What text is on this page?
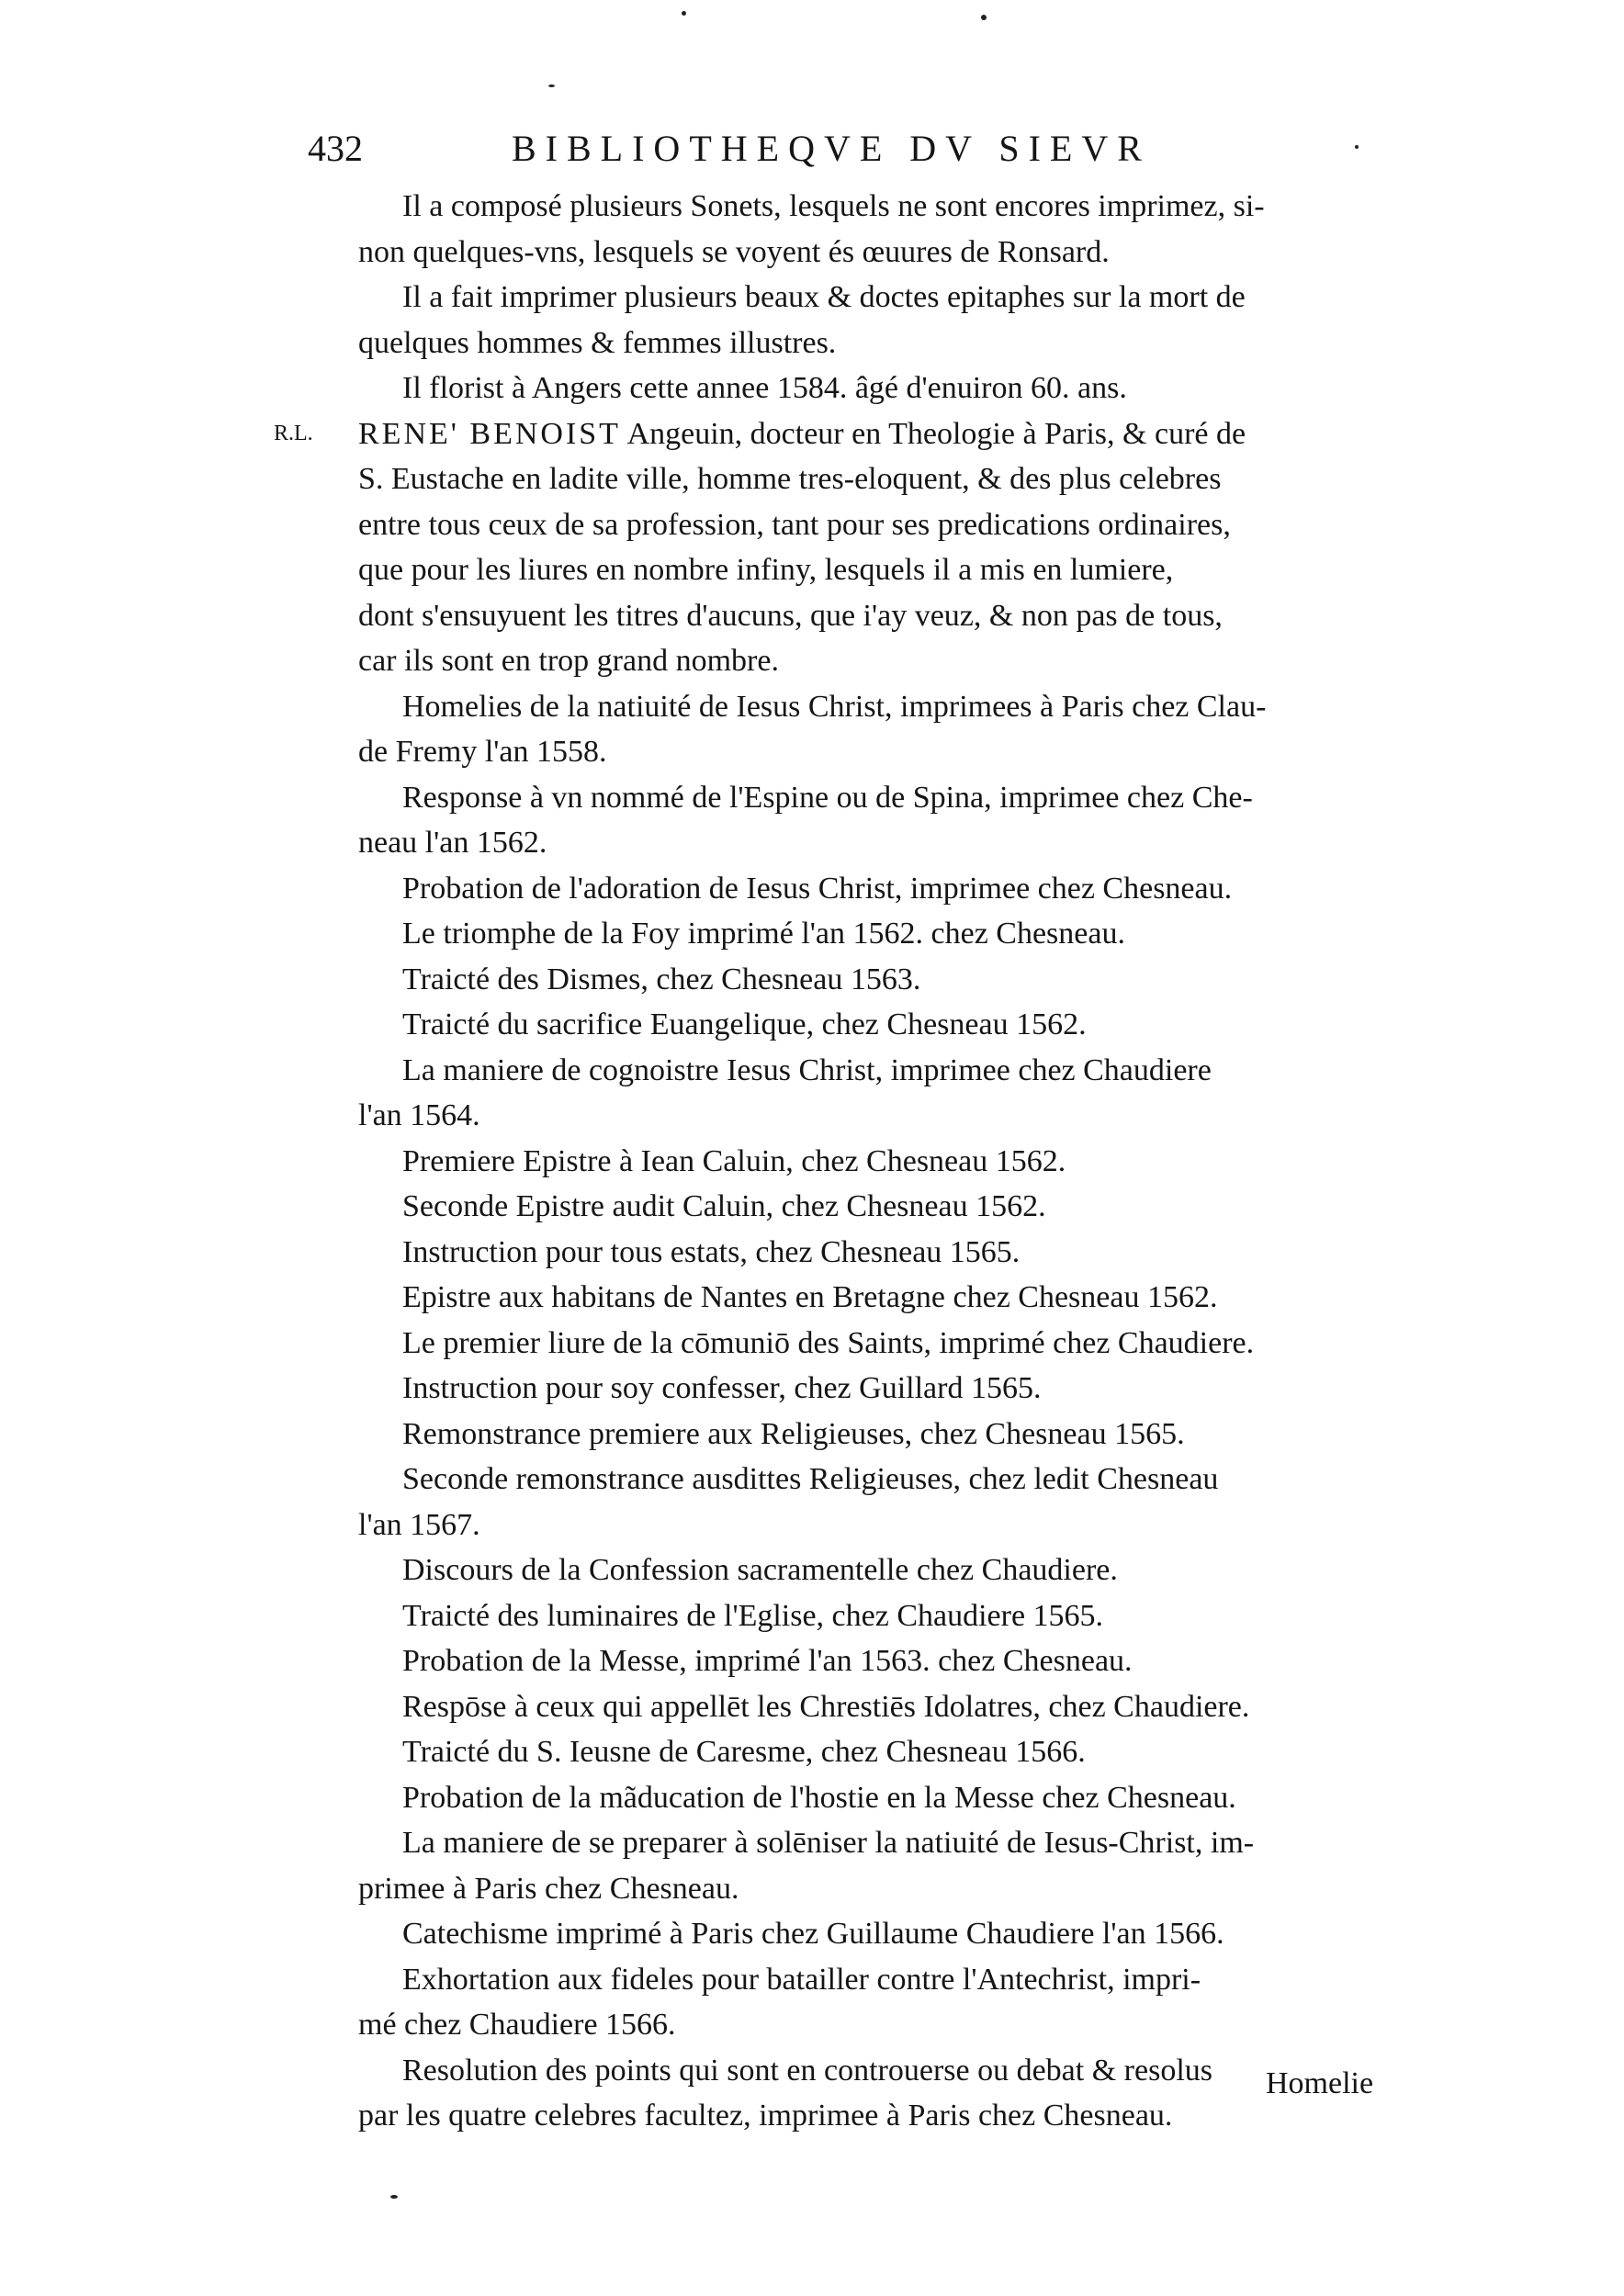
432	BIBLIOTHEQVE DV SIEVR

Il a composé plusieurs Sonets, lesquels ne sont encores imprimez, si-

non quelques-vns, lesquels se voyent és œuures de Ronsard.

Il a fait imprimer plusieurs beaux & doctes epitaphes sur la mort de

quelques hommes & femmes illustres.

Il florist à Angers cette annee 1584. âgé d'enuiron 60. ans.

R.L. RENE' BENOIST Angeuin, docteur en Theologie à Paris, & curé de

S. Eustache en ladite ville, homme tres-eloquent, & des plus celebres

entre tous ceux de sa profession, tant pour ses predications ordinaires,

que pour les liures en nombre infiny, lesquels il a mis en lumiere,

dont s'ensuyuent les titres d'aucuns, que i'ay veuz, & non pas de tous,

car ils sont en trop grand nombre.

Homelies de la natiuité de Iesus Christ, imprimees à Paris chez Clau-

de Fremy l'an 1558.

Response à vn nommé de l'Espine ou de Spina, imprimee chez Che-

neau l'an 1562.

Probation de l'adoration de Iesus Christ, imprimee chez Chesneau.

Le triomphe de la Foy imprimé l'an 1562. chez Chesneau.

Traicté des Dismes, chez Chesneau 1563.

Traicté du sacrifice Euangelique, chez Chesneau 1562.

La maniere de cognoistre Iesus Christ, imprimee chez Chaudiere

l'an 1564.

Premiere Epistre à Iean Caluin, chez Chesneau 1562.

Seconde Epistre audit Caluin, chez Chesneau 1562.

Instruction pour tous estats, chez Chesneau 1565.

Epistre aux habitans de Nantes en Bretagne chez Chesneau 1562.

Le premier liure de la cōmuniō des Saints, imprimé chez Chaudiere.

Instruction pour soy confesser, chez Guillard 1565.

Remonstrance premiere aux Religieuses, chez Chesneau 1565.

Seconde remonstrance ausdittes Religieuses, chez ledit Chesneau

l'an 1567.

Discours de la Confession sacramentelle chez Chaudiere.

Traicté des luminaires de l'Eglise, chez Chaudiere 1565.

Probation de la Messe, imprimé l'an 1563. chez Chesneau.

Respōse à ceux qui appellēt les Chrestiēs Idolatres, chez Chaudiere.

Traicté du S. Ieusne de Caresme, chez Chesneau 1566.

Probation de la mãducation de l'hostie en la Messe chez Chesneau.

La maniere de se preparer à solēniser la natiuité de Iesus-Christ, im-

primee à Paris chez Chesneau.

Catechisme imprimé à Paris chez Guillaume Chaudiere l'an 1566.

Exhortation aux fideles pour batailler contre l'Antechrist, impri-

mé chez Chaudiere 1566.

Resolution des points qui sont en controuerse ou debat & resolus

par les quatre celebres facultez, imprimee à Paris chez Chesneau.

Homelie
